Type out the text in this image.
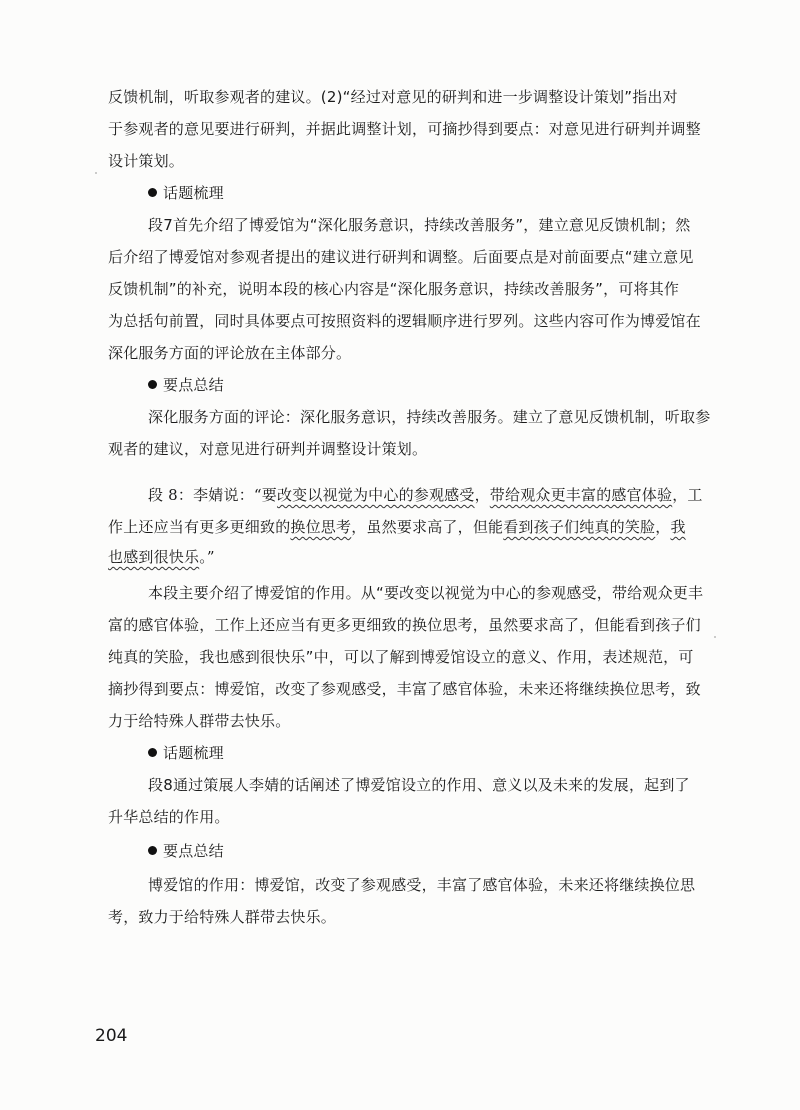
反馈机制，听取参观者的建议。(2)“经过对意见的研判和进一步调整设计策划”指出对
于参观者的意见要进行研判，并据此调整计划，可摘抄得到要点：对意见进行研判并调整
设计策划。
话题梳理
段7首先介绍了博爱馆为“深化服务意识，持续改善服务”，建立意见反馈机制；然
后介绍了博爱馆对参观者提出的建议进行研判和调整。后面要点是对前面要点“建立意见
反馈机制”的补充，说明本段的核心内容是“深化服务意识，持续改善服务”，可将其作
为总括句前置，同时具体要点可按照资料的逻辑顺序进行罗列。这些内容可作为博爱馆在
深化服务方面的评论放在主体部分。
要点总结
深化服务方面的评论：深化服务意识，持续改善服务。建立了意见反馈机制，听取参
观者的建议，对意见进行研判并调整设计策划。
段 8：李婧说：“要改变以视觉为中心的参观感受，带给观众更丰富的感官体验，工
作上还应当有更多更细致的换位思考，虽然要求高了，但能看到孩子们纯真的笑脸，我
也感到很快乐。”
本段主要介绍了博爱馆的作用。从“要改变以视觉为中心的参观感受，带给观众更丰
富的感官体验，工作上还应当有更多更细致的换位思考，虽然要求高了，但能看到孩子们
纯真的笑脸，我也感到很快乐”中，可以了解到博爱馆设立的意义、作用，表述规范，可
摘抄得到要点：博爱馆，改变了参观感受，丰富了感官体验，未来还将继续换位思考，致
力于给特殊人群带去快乐。
话题梳理
段8通过策展人李婧的话阐述了博爱馆设立的作用、意义以及未来的发展，起到了
升华总结的作用。
要点总结
博爱馆的作用：博爱馆，改变了参观感受，丰富了感官体验，未来还将继续换位思
考，致力于给特殊人群带去快乐。
204
